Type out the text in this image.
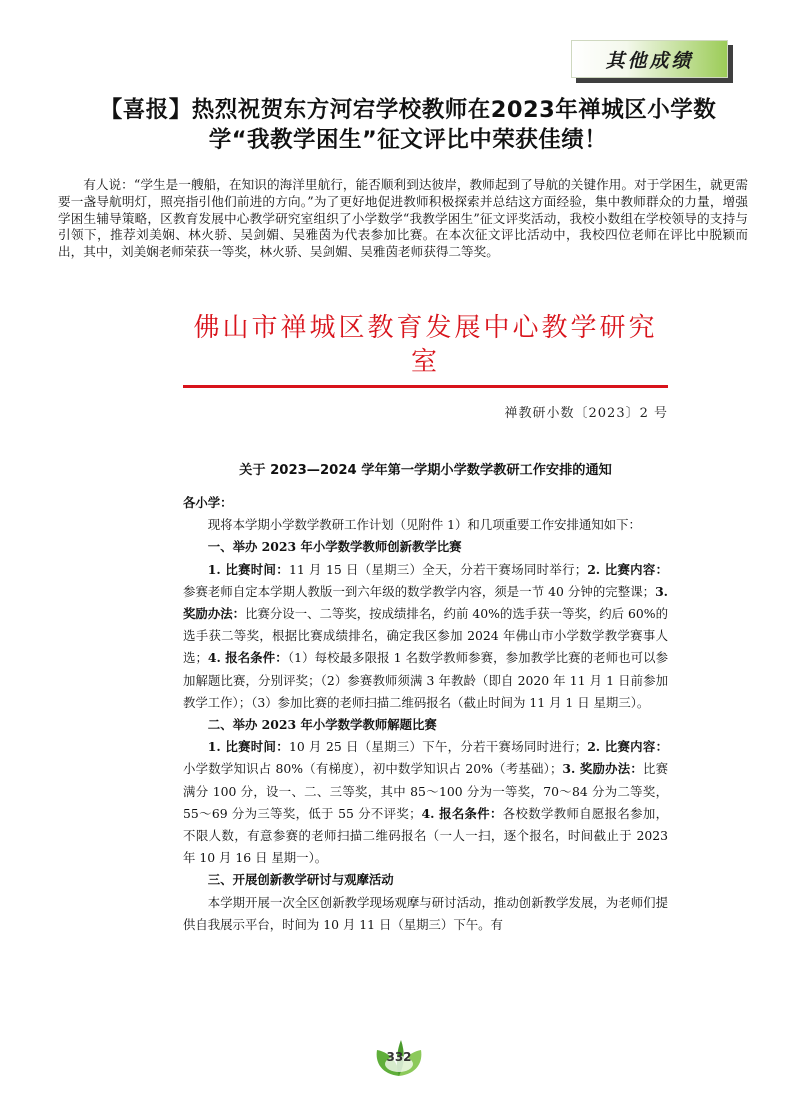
其他成绩
【喜报】热烈祝贺东方河宕学校教师在2023年禅城区小学数
学“我教学困生”征文评比中荣获佳绩！
有人说：“学生是一艘船，在知识的海洋里航行，能否顺利到达彼岸，教师起到了导航的关键作用。对于学困生，就更需要一盏导航明灯，照亮指引他们前进的方向。”为了更好地促进教师积极探索并总结这方面经验，集中教师群众的力量，增强学困生辅导策略，区教育发展中心教学研究室组织了小学数学“我教学困生”征文评奖活动，我校小数组在学校领导的支持与引领下，推荐刘美娴、林火骄、吴剑媚、吴雅茵为代表参加比赛。在本次征文评比活动中，我校四位老师在评比中脱颖而出，其中，刘美娴老师荣获一等奖，林火骄、吴剑媚、吴雅茵老师获得二等奖。
佛山市禅城区教育发展中心教学研究室
禅教研小数〔2023〕2 号
关于 2023—2024 学年第一学期小学数学教研工作安排的通知

各小学：

现将本学期小学数学教研工作计划（见附件 1）和几项重要工作安排通知如下：

一、举办 2023 年小学数学教师创新教学比赛

1. 比赛时间：11 月 15 日（星期三）全天，分若干赛场同时举行；2. 比赛内容：参赛老师自定本学期人教版一到六年级的数学教学内容，须是一节 40 分钟的完整课；3. 奖励办法：比赛分设一、二等奖，按成绩排名，约前 40%的选手获一等奖，约后 60%的选手获二等奖，根据比赛成绩排名，确定我区参加 2024 年佛山市小学数学教学赛事人选；4. 报名条件：（1）每校最多限报 1 名数学教师参赛，参加教学比赛的老师也可以参加解题比赛，分别评奖；（2）参赛教师须满 3 年教龄（即自 2020 年 11 月 1 日前参加教学工作）；（3）参加比赛的老师扫描二维码报名（截止时间为 11 月 1 日 星期三）。

二、举办 2023 年小学数学教师解题比赛

1. 比赛时间：10 月 25 日（星期三）下午，分若干赛场同时进行；2. 比赛内容：小学数学知识占 80%（有梯度），初中数学知识占 20%（考基础）；3. 奖励办法：比赛满分 100 分，设一、二、三等奖，其中 85～100 分为一等奖，70～84 分为二等奖，55～69 分为三等奖，低于 55 分不评奖；4. 报名条件：各校数学教师自愿报名参加，不限人数，有意参赛的老师扫描二维码报名（一人一扫，逐个报名，时间截止于 2023 年 10 月 16 日 星期一）。

三、开展创新教学研讨与观摩活动

本学期开展一次全区创新教学现场观摩与研讨活动，推动创新教学发展，为老师们提供自我展示平台，时间为 10 月 11 日（星期三）下午。有

332
